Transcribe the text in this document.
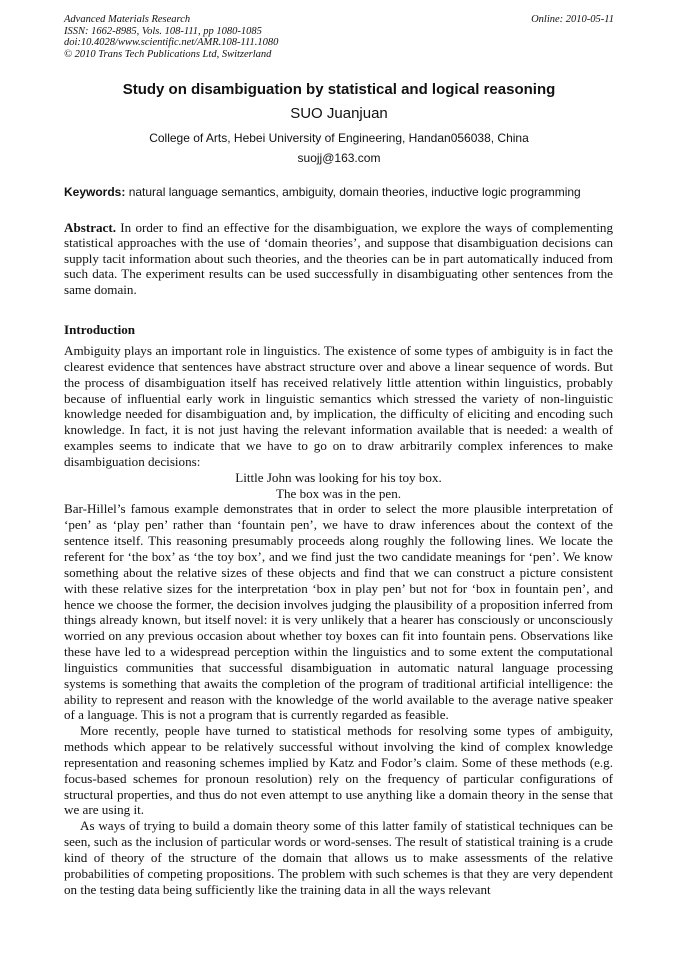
Advanced Materials Research
ISSN: 1662-8985, Vols. 108-111, pp 1080-1085
doi:10.4028/www.scientific.net/AMR.108-111.1080
© 2010 Trans Tech Publications Ltd, Switzerland
Online: 2010-05-11
Study on disambiguation by statistical and logical reasoning
SUO Juanjuan
College of Arts, Hebei University of Engineering, Handan056038, China
suojj@163.com
Keywords: natural language semantics, ambiguity, domain theories, inductive logic programming
Abstract. In order to find an effective for the disambiguation, we explore the ways of complementing statistical approaches with the use of ‘domain theories’, and suppose that disambiguation decisions can supply tacit information about such theories, and the theories can be in part automatically induced from such data. The experiment results can be used successfully in disambiguating other sentences from the same domain.
Introduction

Ambiguity plays an important role in linguistics. The existence of some types of ambiguity is in fact the clearest evidence that sentences have abstract structure over and above a linear sequence of words. But the process of disambiguation itself has received relatively little attention within linguistics, probably because of influential early work in linguistic semantics which stressed the variety of non-linguistic knowledge needed for disambiguation and, by implication, the difficulty of eliciting and encoding such knowledge. In fact, it is not just having the relevant information available that is needed: a wealth of examples seems to indicate that we have to go on to draw arbitrarily complex inferences to make disambiguation decisions:

Little John was looking for his toy box.

The box was in the pen.

Bar-Hillel’s famous example demonstrates that in order to select the more plausible interpretation of ‘pen’ as ‘play pen’ rather than ‘fountain pen’, we have to draw inferences about the context of the sentence itself. This reasoning presumably proceeds along roughly the following lines. We locate the referent for ‘the box’ as ‘the toy box’, and we find just the two candidate meanings for ‘pen’. We know something about the relative sizes of these objects and find that we can construct a picture consistent with these relative sizes for the interpretation ‘box in play pen’ but not for ‘box in fountain pen’, and hence we choose the former, the decision involves judging the plausibility of a proposition inferred from things already known, but itself novel: it is very unlikely that a hearer has consciously or unconsciously worried on any previous occasion about whether toy boxes can fit into fountain pens. Observations like these have led to a widespread perception within the linguistics and to some extent the computational linguistics communities that successful disambiguation in automatic natural language processing systems is something that awaits the completion of the program of traditional artificial intelligence: the ability to represent and reason with the knowledge of the world available to the average native speaker of a language. This is not a program that is currently regarded as feasible.

More recently, people have turned to statistical methods for resolving some types of ambiguity, methods which appear to be relatively successful without involving the kind of complex knowledge representation and reasoning schemes implied by Katz and Fodor’s claim. Some of these methods (e.g. focus-based schemes for pronoun resolution) rely on the frequency of particular configurations of structural properties, and thus do not even attempt to use anything like a domain theory in the sense that we are using it.

As ways of trying to build a domain theory some of this latter family of statistical techniques can be seen, such as the inclusion of particular words or word-senses. The result of statistical training is a crude kind of theory of the structure of the domain that allows us to make assessments of the relative probabilities of competing propositions. The problem with such schemes is that they are very dependent on the testing data being sufficiently like the training data in all the ways relevant
